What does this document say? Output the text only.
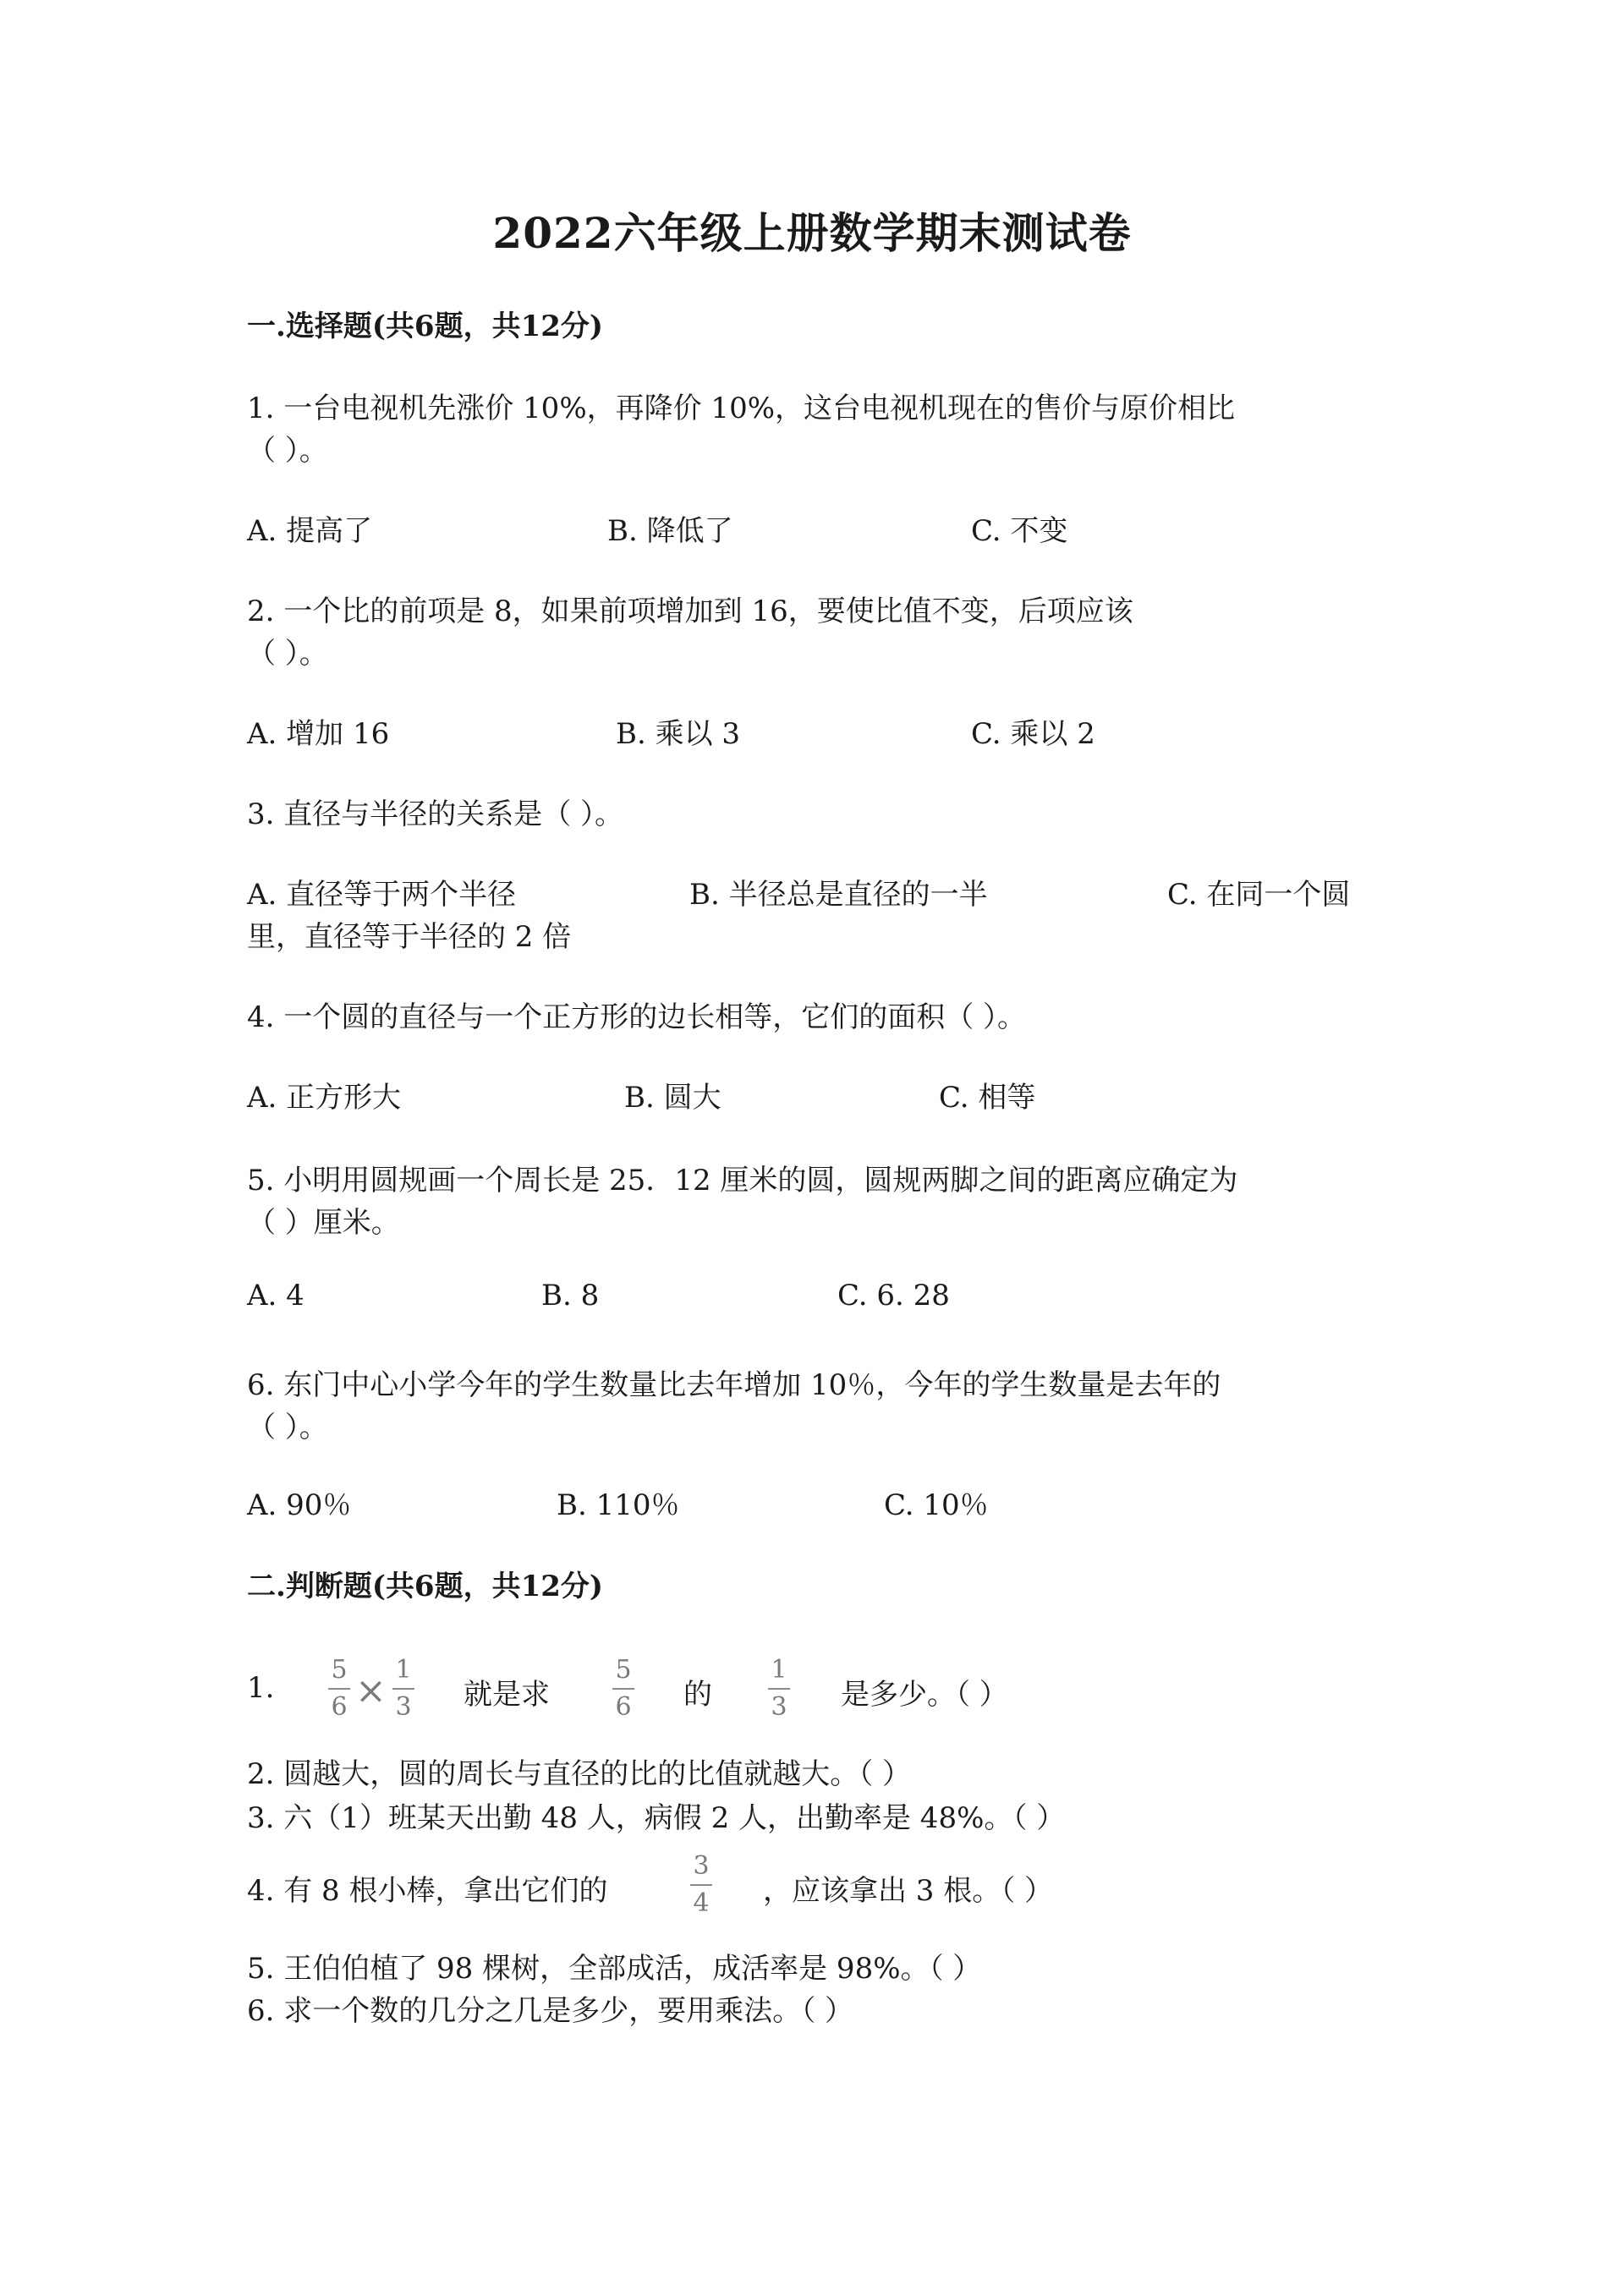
2022六年级上册数学期末测试卷
一.选择题(共6题，共12分)
1. 一台电视机先涨价 10%，再降价 10%，这台电视机现在的售价与原价相比
（ ）。
A. 提高了	B. 降低了	C. 不变
2. 一个比的前项是 8，如果前项增加到 16，要使比值不变，后项应该
（ ）。
A. 增加 16	B. 乘以 3	C. 乘以 2
3. 直径与半径的关系是（ ）。
A. 直径等于两个半径	B. 半径总是直径的一半	C. 在同一个圆
里，直径等于半径的 2 倍
4. 一个圆的直径与一个正方形的边长相等，它们的面积（ ）。
A. 正方形大	B. 圆大	C. 相等
5. 小明用圆规画一个周长是 25．12 厘米的圆，圆规两脚之间的距离应确定为
（ ）厘米。
A. 4	B. 8	C. 6. 28
6. 东门中心小学今年的学生数量比去年增加 10％，今年的学生数量是去年的
（ ）。
A. 90％	B. 110％	C. 10％
二.判断题(共6题，共12分)
1.
5
6 × 1
3 就是求
5
6 的
1
3 是多少。（ ）
2. 圆越大，圆的周长与直径的比的比值就越大。（ ）
3. 六（1）班某天出勤 48 人，病假 2 人，出勤率是 48%。（ ）
4. 有 8 根小棒，拿出它们的
3
4 ，应该拿出 3 根。（ ）
5. 王伯伯植了 98 棵树，全部成活，成活率是 98%。（ ）
6. 求一个数的几分之几是多少，要用乘法。（ ）
